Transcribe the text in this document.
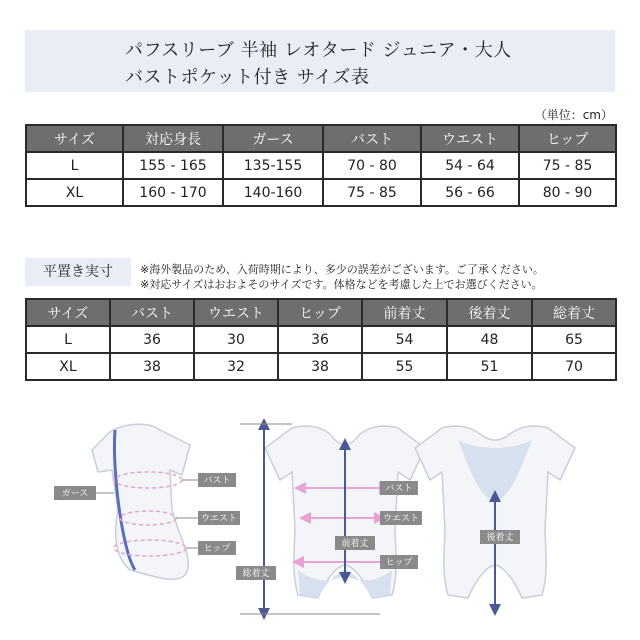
パフスリーブ 半袖 レオタード ジュニア・大人
バストポケット付き サイズ表
（単位：cm）
サイズ	対応身長	ガース	バスト	ウエスト	ヒップ
L	155 - 165	135-155	70 - 80	54 - 64	75 - 85
XL	160 - 170	140-160	75 - 85	56 - 66	80 - 90
平置き実寸	※海外製品のため、入荷時期により、多少の誤差がございます。ご了承ください。
※対応サイズはおおよそのサイズです。体格などを考慮した上でお選びください。
サイズ	バスト	ウエスト	ヒップ	前着丈	後着丈	総着丈
L	36	30	36	54	48	65
XL	38	32	38	55	51	70
ガース
バスト
ウエスト
ヒップ
バスト
ウエスト
ヒップ
前着丈
総着丈
後着丈
